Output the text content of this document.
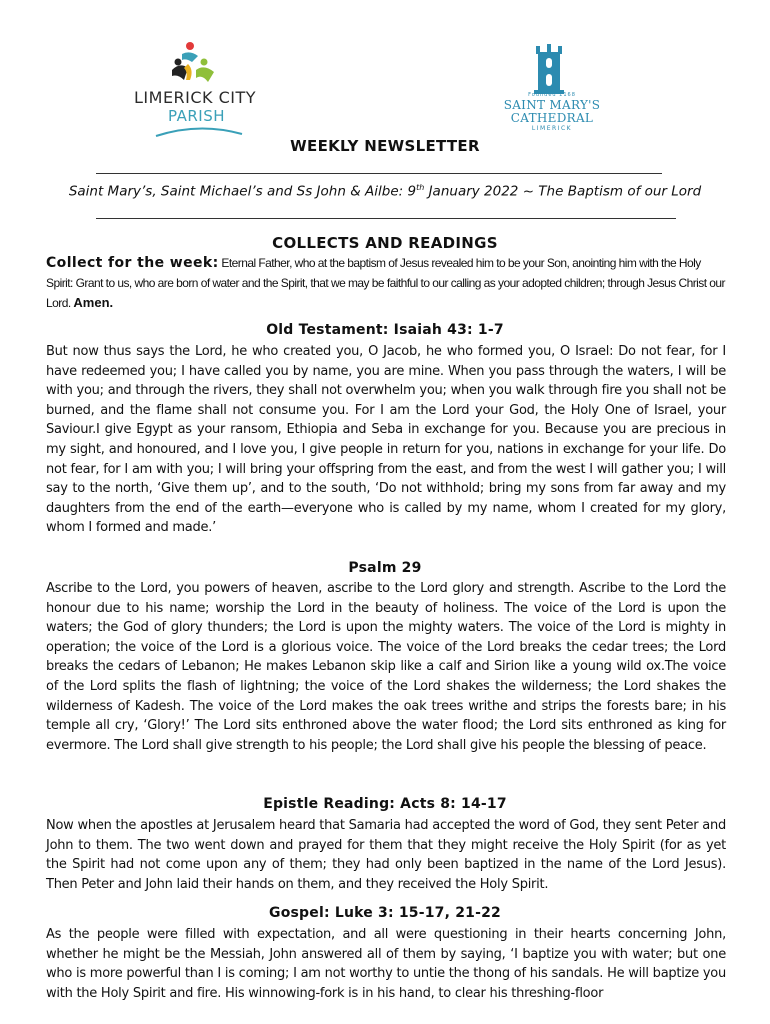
LIMERICK CITY
PARISH
Founded 1168
SAINT MARY'S
CATHEDRAL
LIMERICK
WEEKLY NEWSLETTER
Saint Mary’s, Saint Michael’s and Ss John & Ailbe: 9th January 2022 ~ The Baptism of our Lord
COLLECTS AND READINGS
Collect for the week: Eternal Father, who at the baptism of Jesus revealed him to be your Son, anointing him with the Holy Spirit: Grant to us, who are born of water and the Spirit, that we may be faithful to our calling as your adopted children; through Jesus Christ our Lord. Amen.
Old Testament: Isaiah 43: 1-7
But now thus says the Lord, he who created you, O Jacob, he who formed you, O Israel: Do not fear, for I have redeemed you; I have called you by name, you are mine. When you pass through the waters, I will be with you; and through the rivers, they shall not overwhelm you; when you walk through fire you shall not be burned, and the flame shall not consume you. For I am the Lord your God, the Holy One of Israel, your Saviour.I give Egypt as your ransom, Ethiopia and Seba in exchange for you. Because you are precious in my sight, and honoured, and I love you, I give people in return for you, nations in exchange for your life. Do not fear, for I am with you; I will bring your offspring from the east, and from the west I will gather you; I will say to the north, ‘Give them up’, and to the south, ‘Do not withhold; bring my sons from far away and my daughters from the end of the earth—everyone who is called by my name, whom I created for my glory, whom I formed and made.’
Psalm 29
Ascribe to the Lord, you powers of heaven, ascribe to the Lord glory and strength. Ascribe to the Lord the honour due to his name; worship the Lord in the beauty of holiness. The voice of the Lord is upon the waters; the God of glory thunders; the Lord is upon the mighty waters. The voice of the Lord is mighty in operation; the voice of the Lord is a glorious voice. The voice of the Lord breaks the cedar trees; the Lord breaks the cedars of Lebanon; He makes Lebanon skip like a calf and Sirion like a young wild ox.The voice of the Lord splits the flash of lightning; the voice of the Lord shakes the wilderness; the Lord shakes the wilderness of Kadesh. The voice of the Lord makes the oak trees writhe and strips the forests bare; in his temple all cry, ‘Glory!’ The Lord sits enthroned above the water flood; the Lord sits enthroned as king for evermore. The Lord shall give strength to his people; the Lord shall give his people the blessing of peace.
Epistle Reading: Acts 8: 14-17
Now when the apostles at Jerusalem heard that Samaria had accepted the word of God, they sent Peter and John to them. The two went down and prayed for them that they might receive the Holy Spirit (for as yet the Spirit had not come upon any of them; they had only been baptized in the name of the Lord Jesus). Then Peter and John laid their hands on them, and they received the Holy Spirit.
Gospel: Luke 3: 15-17, 21-22
As the people were filled with expectation, and all were questioning in their hearts concerning John, whether he might be the Messiah, John answered all of them by saying, ‘I baptize you with water; but one who is more powerful than I is coming; I am not worthy to untie the thong of his sandals. He will baptize you with the Holy Spirit and fire. His winnowing-fork is in his hand, to clear his threshing-floor
